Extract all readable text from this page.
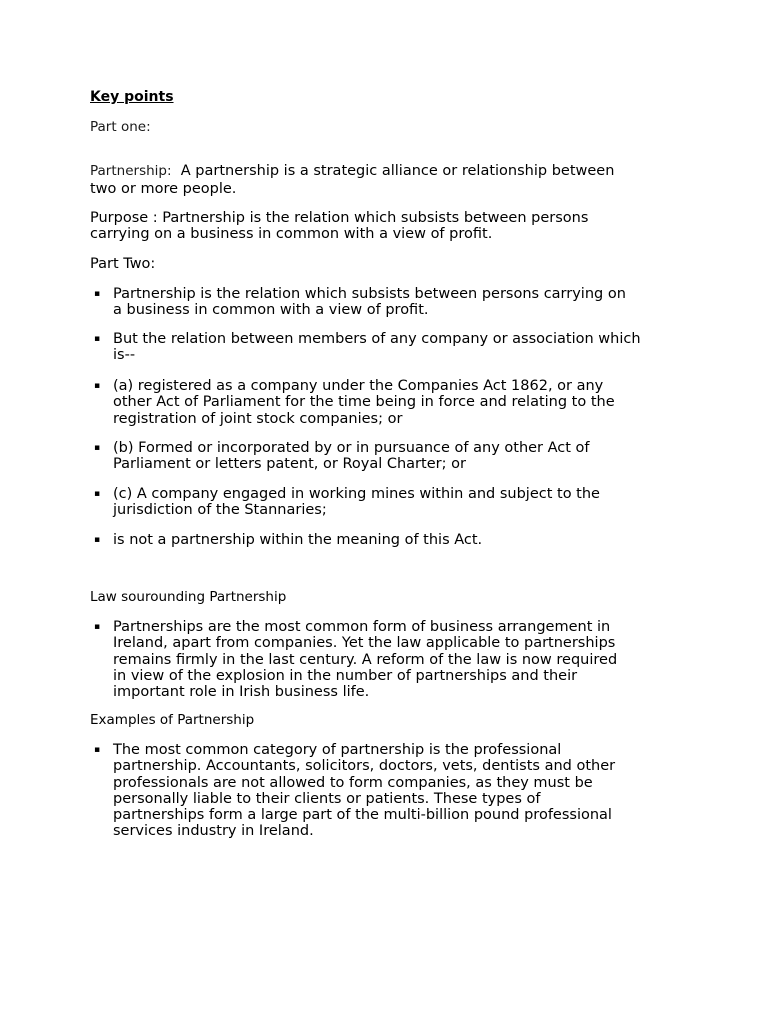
Key points
Part one:
Partnership: A partnership is a strategic alliance or relationship between
two or more people.
Purpose : Partnership is the relation which subsists between persons
carrying on a business in common with a view of profit.
Part Two:
▪ Partnership is the relation which subsists between persons carrying on
a business in common with a view of profit.
▪ But the relation between members of any company or association which
is--
▪ (a) registered as a company under the Companies Act 1862, or any
other Act of Parliament for the time being in force and relating to the
registration of joint stock companies; or
▪ (b) Formed or incorporated by or in pursuance of any other Act of
Parliament or letters patent, or Royal Charter; or
▪ (c) A company engaged in working mines within and subject to the
jurisdiction of the Stannaries;
▪ is not a partnership within the meaning of this Act.
Law sourounding Partnership
▪ Partnerships are the most common form of business arrangement in
Ireland, apart from companies. Yet the law applicable to partnerships
remains firmly in the last century. A reform of the law is now required
in view of the explosion in the number of partnerships and their
important role in Irish business life.
Examples of Partnership
▪ The most common category of partnership is the professional
partnership. Accountants, solicitors, doctors, vets, dentists and other
professionals are not allowed to form companies, as they must be
personally liable to their clients or patients. These types of
partnerships form a large part of the multi-billion pound professional
services industry in Ireland.
